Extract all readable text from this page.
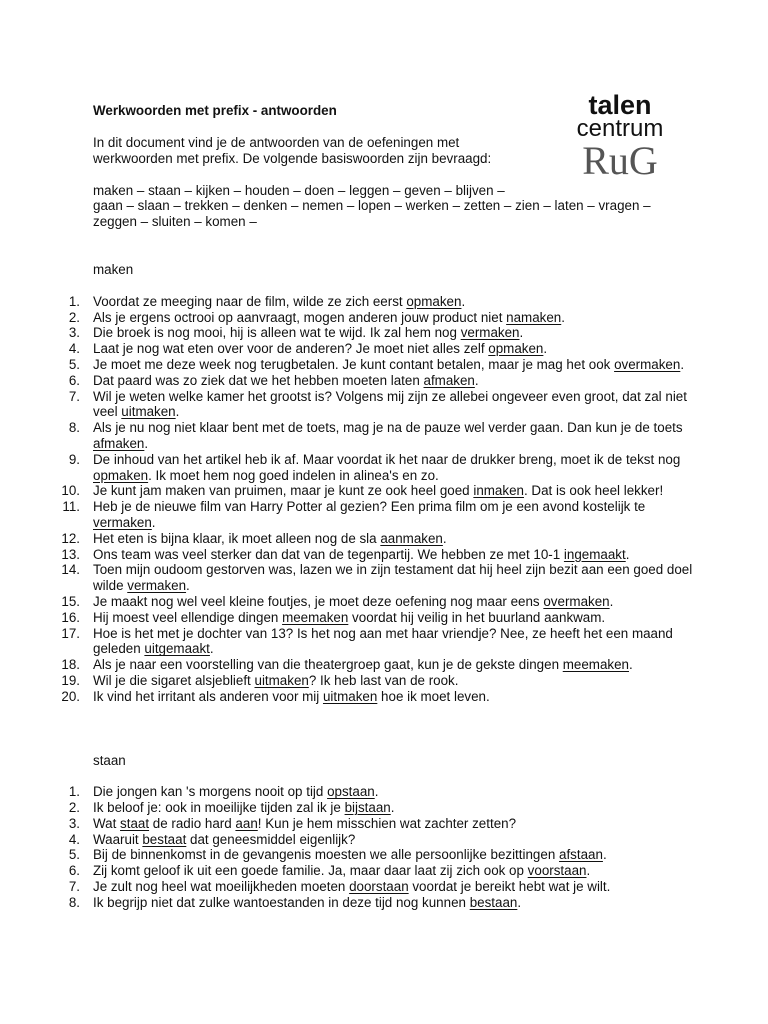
talen
centrum
RuG
Werkwoorden met prefix - antwoorden
In dit document vind je de antwoorden van de oefeningen met werkwoorden met prefix. De volgende basiswoorden zijn bevraagd:
maken – staan – kijken – houden – doen – leggen – geven – blijven –
gaan – slaan – trekken – denken – nemen – lopen – werken – zetten – zien – laten – vragen –
zeggen – sluiten – komen –
maken
1. Voordat ze meeging naar de film, wilde ze zich eerst opmaken.
2. Als je ergens octrooi op aanvraagt, mogen anderen jouw product niet namaken.
3. Die broek is nog mooi, hij is alleen wat te wijd. Ik zal hem nog vermaken.
4. Laat je nog wat eten over voor de anderen? Je moet niet alles zelf opmaken.
5. Je moet me deze week nog terugbetalen. Je kunt contant betalen, maar je mag het ook overmaken.
6. Dat paard was zo ziek dat we het hebben moeten laten afmaken.
7. Wil je weten welke kamer het grootst is? Volgens mij zijn ze allebei ongeveer even groot, dat zal niet veel uitmaken.
8. Als je nu nog niet klaar bent met de toets, mag je na de pauze wel verder gaan. Dan kun je de toets afmaken.
9. De inhoud van het artikel heb ik af. Maar voordat ik het naar de drukker breng, moet ik de tekst nog opmaken. Ik moet hem nog goed indelen in alinea's en zo.
10. Je kunt jam maken van pruimen, maar je kunt ze ook heel goed inmaken. Dat is ook heel lekker!
11. Heb je de nieuwe film van Harry Potter al gezien? Een prima film om je een avond kostelijk te vermaken.
12. Het eten is bijna klaar, ik moet alleen nog de sla aanmaken.
13. Ons team was veel sterker dan dat van de tegenpartij. We hebben ze met 10-1 ingemaakt.
14. Toen mijn oudoom gestorven was, lazen we in zijn testament dat hij heel zijn bezit aan een goed doel wilde vermaken.
15. Je maakt nog wel veel kleine foutjes, je moet deze oefening nog maar eens overmaken.
16. Hij moest veel ellendige dingen meemaken voordat hij veilig in het buurland aankwam.
17. Hoe is het met je dochter van 13? Is het nog aan met haar vriendje? Nee, ze heeft het een maand geleden uitgemaakt.
18. Als je naar een voorstelling van die theatergroep gaat, kun je de gekste dingen meemaken.
19. Wil je die sigaret alsjeblieft uitmaken? Ik heb last van de rook.
20. Ik vind het irritant als anderen voor mij uitmaken hoe ik moet leven.
staan
1. Die jongen kan 's morgens nooit op tijd opstaan.
2. Ik beloof je: ook in moeilijke tijden zal ik je bijstaan.
3. Wat staat de radio hard aan! Kun je hem misschien wat zachter zetten?
4. Waaruit bestaat dat geneesmiddel eigenlijk?
5. Bij de binnenkomst in de gevangenis moesten we alle persoonlijke bezittingen afstaan.
6. Zij komt geloof ik uit een goede familie. Ja, maar daar laat zij zich ook op voorstaan.
7. Je zult nog heel wat moeilijkheden moeten doorstaan voordat je bereikt hebt wat je wilt.
8. Ik begrijp niet dat zulke wantoestanden in deze tijd nog kunnen bestaan.
